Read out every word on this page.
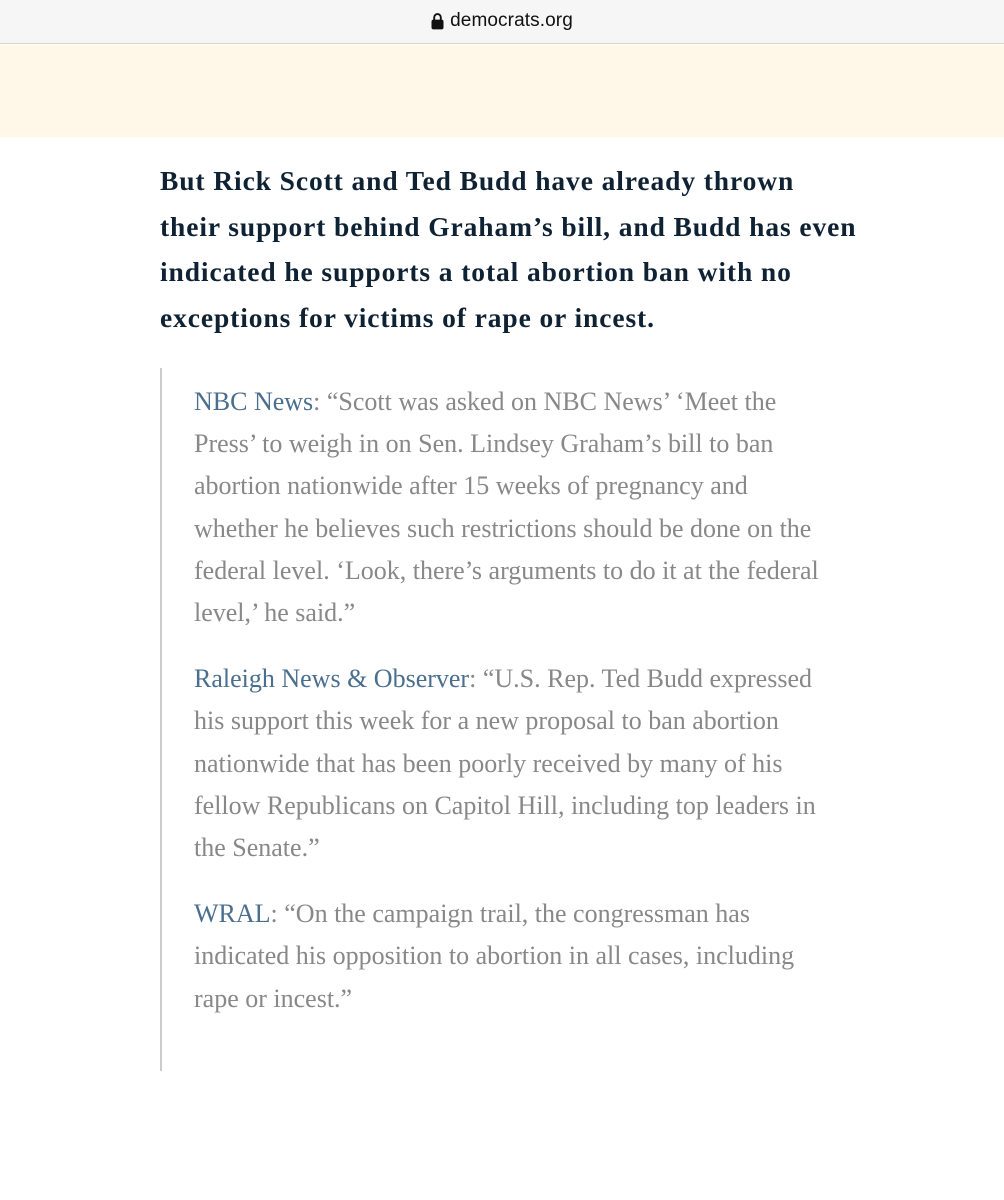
democrats.org

But Rick Scott and Ted Budd have already thrown their support behind Graham’s bill, and Budd has even indicated he supports a total abortion ban with no exceptions for victims of rape or incest.

NBC News: “Scott was asked on NBC News’ ‘Meet the Press’ to weigh in on Sen. Lindsey Graham’s bill to ban abortion nationwide after 15 weeks of pregnancy and whether he believes such restrictions should be done on the federal level. ‘Look, there’s arguments to do it at the federal level,’ he said.”

Raleigh News & Observer: “U.S. Rep. Ted Budd expressed his support this week for a new proposal to ban abortion nationwide that has been poorly received by many of his fellow Republicans on Capitol Hill, including top leaders in the Senate.”

WRAL: “On the campaign trail, the congressman has indicated his opposition to abortion in all cases, including rape or incest.”
